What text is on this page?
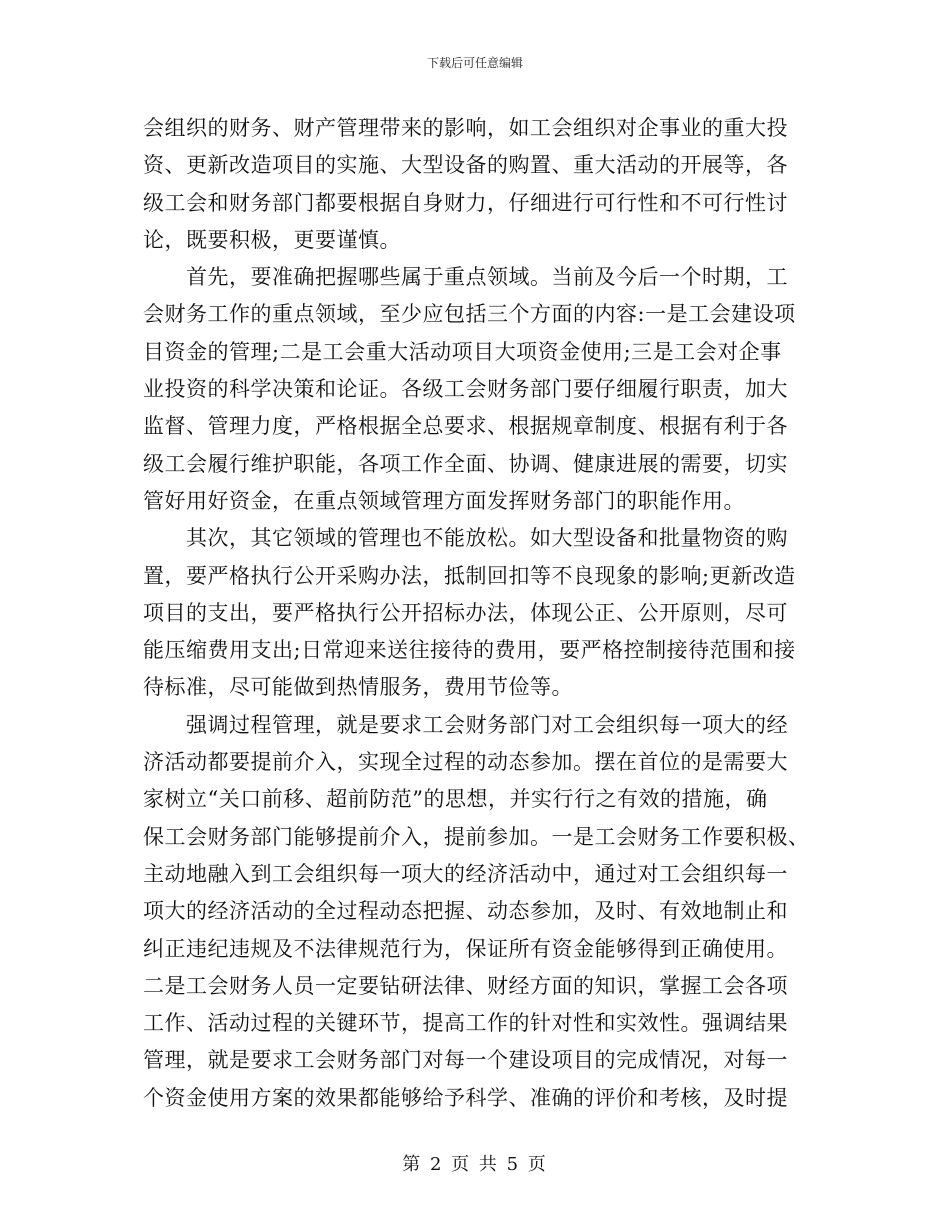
下载后可任意编辑
会组织的财务、财产管理带来的影响，如工会组织对企事业的重大投
资、更新改造项目的实施、大型设备的购置、重大活动的开展等，各
级工会和财务部门都要根据自身财力，仔细进行可行性和不可行性讨
论，既要积极，更要谨慎。
　　首先，要准确把握哪些属于重点领域。当前及今后一个时期，工
会财务工作的重点领域，至少应包括三个方面的内容:一是工会建设项
目资金的管理;二是工会重大活动项目大项资金使用;三是工会对企事
业投资的科学决策和论证。各级工会财务部门要仔细履行职责，加大
监督、管理力度，严格根据全总要求、根据规章制度、根据有利于各
级工会履行维护职能，各项工作全面、协调、健康进展的需要，切实
管好用好资金，在重点领域管理方面发挥财务部门的职能作用。
　　其次，其它领域的管理也不能放松。如大型设备和批量物资的购
置，要严格执行公开采购办法，抵制回扣等不良现象的影响;更新改造
项目的支出，要严格执行公开招标办法，体现公正、公开原则，尽可
能压缩费用支出;日常迎来送往接待的费用，要严格控制接待范围和接
待标准，尽可能做到热情服务，费用节俭等。
　　强调过程管理，就是要求工会财务部门对工会组织每一项大的经
济活动都要提前介入，实现全过程的动态参加。摆在首位的是需要大
家树立“关口前移、超前防范”的思想，并实行行之有效的措施，确
保工会财务部门能够提前介入，提前参加。一是工会财务工作要积极、
主动地融入到工会组织每一项大的经济活动中，通过对工会组织每一
项大的经济活动的全过程动态把握、动态参加，及时、有效地制止和
纠正违纪违规及不法律规范行为，保证所有资金能够得到正确使用。
二是工会财务人员一定要钻研法律、财经方面的知识，掌握工会各项
工作、活动过程的关键环节，提高工作的针对性和实效性。强调结果
管理，就是要求工会财务部门对每一个建设项目的完成情况，对每一
个资金使用方案的效果都能够给予科学、准确的评价和考核，及时提
第 2 页 共 5 页
